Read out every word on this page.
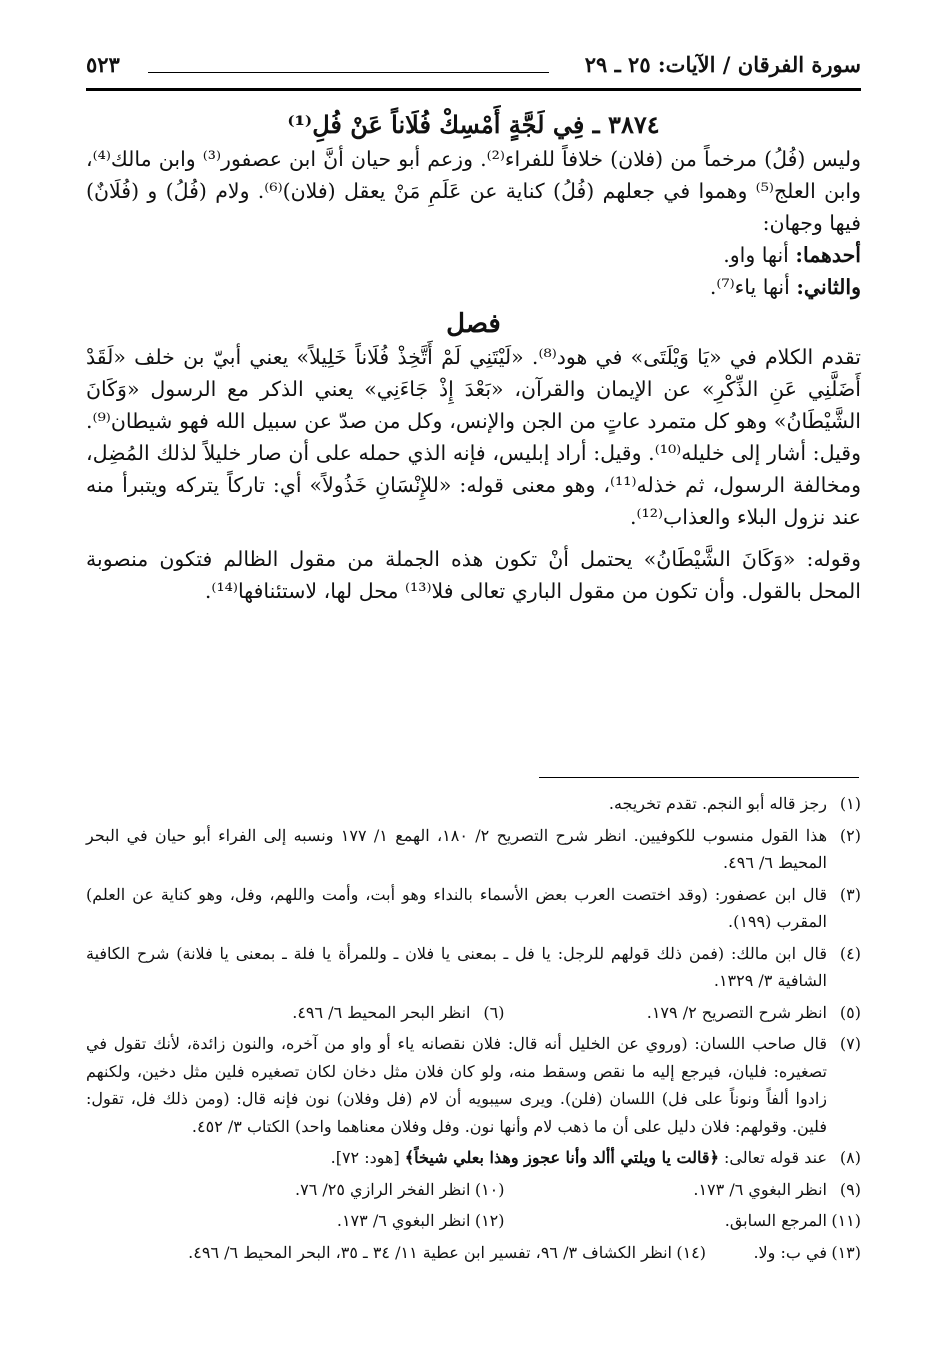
سورة الفرقان / الآيات: ٢٥ ـ ٢٩
٥٢٣
٣٨٧٤ ـ فِي لَجَّةٍ أَمْسِكْ فُلَاناً عَنْ فُلِ⁽¹⁾

وليس (فُلُ) مرخماً من (فلان) خلافاً للفراء⁽²⁾. وزعم أبو حيان أنَّ ابن عصفور⁽³⁾ وابن مالك⁽⁴⁾، وابن العلج⁽⁵⁾ وهموا في جعلهم (فُلُ) كناية عن عَلَمِ مَنْ يعقل (فلان)⁽⁶⁾. ولام (فُلُ) و (فُلَانٌ) فيها وجهان:

أحدهما: أنها واو.
والثاني: أنها ياء⁽⁷⁾.
فصل

تقدم الكلام في «يَا وَيْلَتَى» في هود⁽⁸⁾. «لَيْتَنِي لَمْ أَتَّخِذْ فُلَاناً خَلِيلاً» يعني أبيّ بن خلف «لَقَدْ أَضَلَّنِي عَنِ الذِّكْرِ» عن الإيمان والقرآن، «بَعْدَ إِذْ جَاءَنِي» يعني الذكر مع الرسول «وَكَانَ الشَّيْطَانُ» وهو كل متمرد عاتٍ من الجن والإنس، وكل من صدّ عن سبيل الله فهو شيطان⁽⁹⁾. وقيل: أشار إلى خليله⁽¹⁰⁾. وقيل: أراد إبليس، فإنه الذي حمله على أن صار خليلاً لذلك المُضِل، ومخالفة الرسول، ثم خذله⁽¹¹⁾، وهو معنى قوله: «للإِنْسَانِ خَذُولاً» أي: تاركاً يتركه ويتبرأ منه عند نزول البلاء والعذاب⁽¹²⁾.

وقوله: «وَكَانَ الشَّيْطَانُ» يحتمل أنْ تكون هذه الجملة من مقول الظالم فتكون منصوبة المحل بالقول. وأن تكون من مقول الباري تعالى فلا⁽¹³⁾ محل لها، لاستئنافها⁽¹⁴⁾.

(١)
رجز قاله أبو النجم. تقدم تخريجه.
(٢)
هذا القول منسوب للكوفيين. انظر شرح التصريح ٢/ ١٨٠، الهمع ١/ ١٧٧ ونسبه إلى الفراء أبو حيان في البحر المحيط ٦/ ٤٩٦.
(٣)
قال ابن عصفور: (وقد اختصت العرب بعض الأسماء بالنداء وهو أبت، وأمت واللهم، وفل، وهو كناية عن العلم) المقرب (١٩٩).
(٤)
قال ابن مالك: (فمن ذلك قولهم للرجل: يا فل ـ بمعنى يا فلان ـ وللمرأة يا فلة ـ بمعنى يا فلانة) شرح الكافية الشافية ٣/ ١٣٢٩.
(٥)
انظر شرح التصريح ٢/ ١٧٩.
(٦)
انظر البحر المحيط ٦/ ٤٩٦.
(٧)
قال صاحب اللسان: (وروي عن الخليل أنه قال: فلان نقصانه ياء أو واو من آخره، والنون زائدة، لأنك تقول في تصغيره: فليان، فيرجع إليه ما نقص وسقط منه، ولو كان فلان مثل دخان لكان تصغيره فلين مثل دخين، ولكنهم زادوا ألفاً ونوناً على فل) اللسان (فلن). ويرى سيبويه أن لام (فل وفلان) نون فإنه قال: (ومن ذلك فل، تقول: فلين. وقولهم: فلان دليل على أن ما ذهب لام وأنها نون. وفل وفلان معناهما واحد) الكتاب ٣/ ٤٥٢.
(٨)
عند قوله تعالى: ﴿قالت يا ويلتي أألد وأنا عجوز وهذا بعلي شيخاً﴾ [هود: ٧٢].
(٩)
انظر البغوي ٦/ ١٧٣.
(١٠)
انظر الفخر الرازي ٢٥/ ٧٦.
(١١)
المرجع السابق.
(١٢)
انظر البغوي ٦/ ١٧٣.
(١٣)
في ب: ولا.
(١٤)
انظر الكشاف ٣/ ٩٦، تفسير ابن عطية ١١/ ٣٤ ـ ٣٥، البحر المحيط ٦/ ٤٩٦.
